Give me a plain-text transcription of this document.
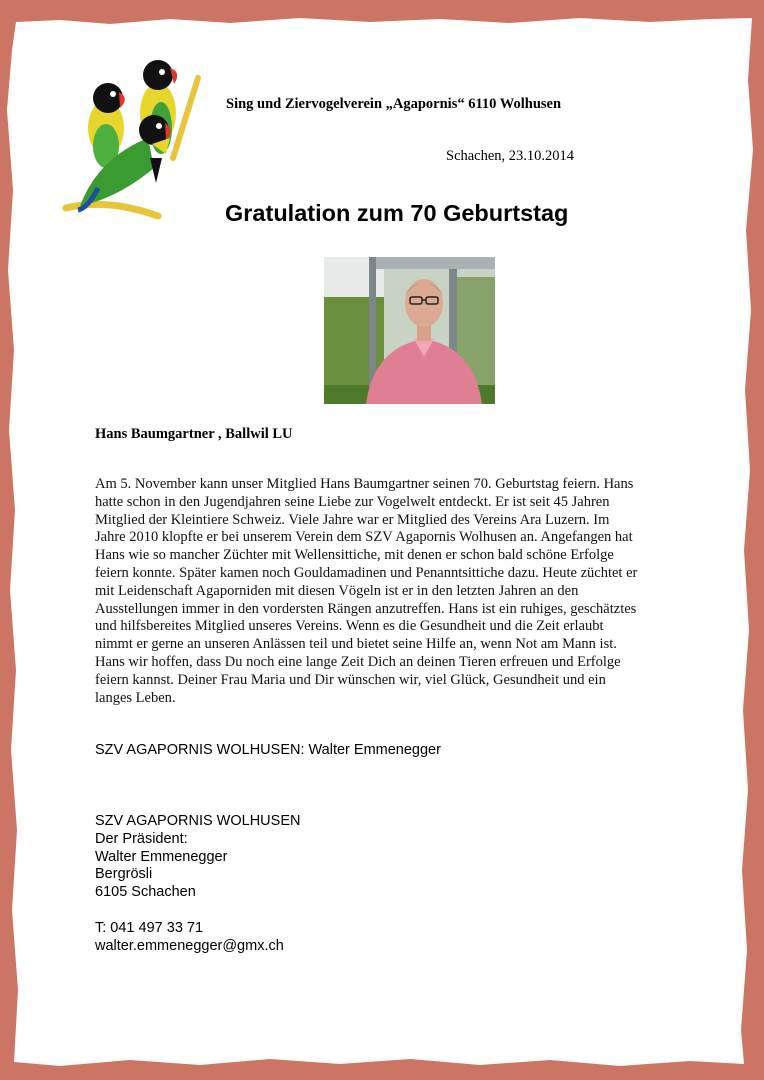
Sing und Ziervogelverein „Agapornis“ 6110 Wolhusen
Schachen, 23.10.2014
Gratulation zum 70 Geburtstag
Hans Baumgartner , Ballwil LU
Am 5. November kann unser Mitglied Hans Baumgartner seinen 70. Geburtstag feiern. Hans
hatte schon in den Jugendjahren seine Liebe zur Vogelwelt entdeckt. Er ist seit 45 Jahren
Mitglied der Kleintiere Schweiz. Viele Jahre war er Mitglied des Vereins Ara Luzern. Im
Jahre 2010 klopfte er bei unserem Verein dem SZV Agapornis Wolhusen an. Angefangen hat
Hans wie so mancher Züchter mit Wellensittiche, mit denen er schon bald schöne Erfolge
feiern konnte. Später kamen noch Gouldamadinen und Penanntsittiche dazu. Heute züchtet er
mit Leidenschaft Agaporniden mit diesen Vögeln ist er in den letzten Jahren an den
Ausstellungen immer in den vordersten Rängen anzutreffen. Hans ist ein ruhiges, geschätztes
und hilfsbereites Mitglied unseres Vereins. Wenn es die Gesundheit und die Zeit erlaubt
nimmt er gerne an unseren Anlässen teil und bietet seine Hilfe an, wenn Not am Mann ist.
Hans wir hoffen, dass Du noch eine lange Zeit Dich an deinen Tieren erfreuen und Erfolge
feiern kannst. Deiner Frau Maria und Dir wünschen wir, viel Glück, Gesundheit und ein
langes Leben.
SZV AGAPORNIS WOLHUSEN: Walter Emmenegger
SZV AGAPORNIS WOLHUSEN
Der Präsident:
Walter Emmenegger
Bergrösli
6105 Schachen
T: 041 497 33 71
walter.emmenegger@gmx.ch
